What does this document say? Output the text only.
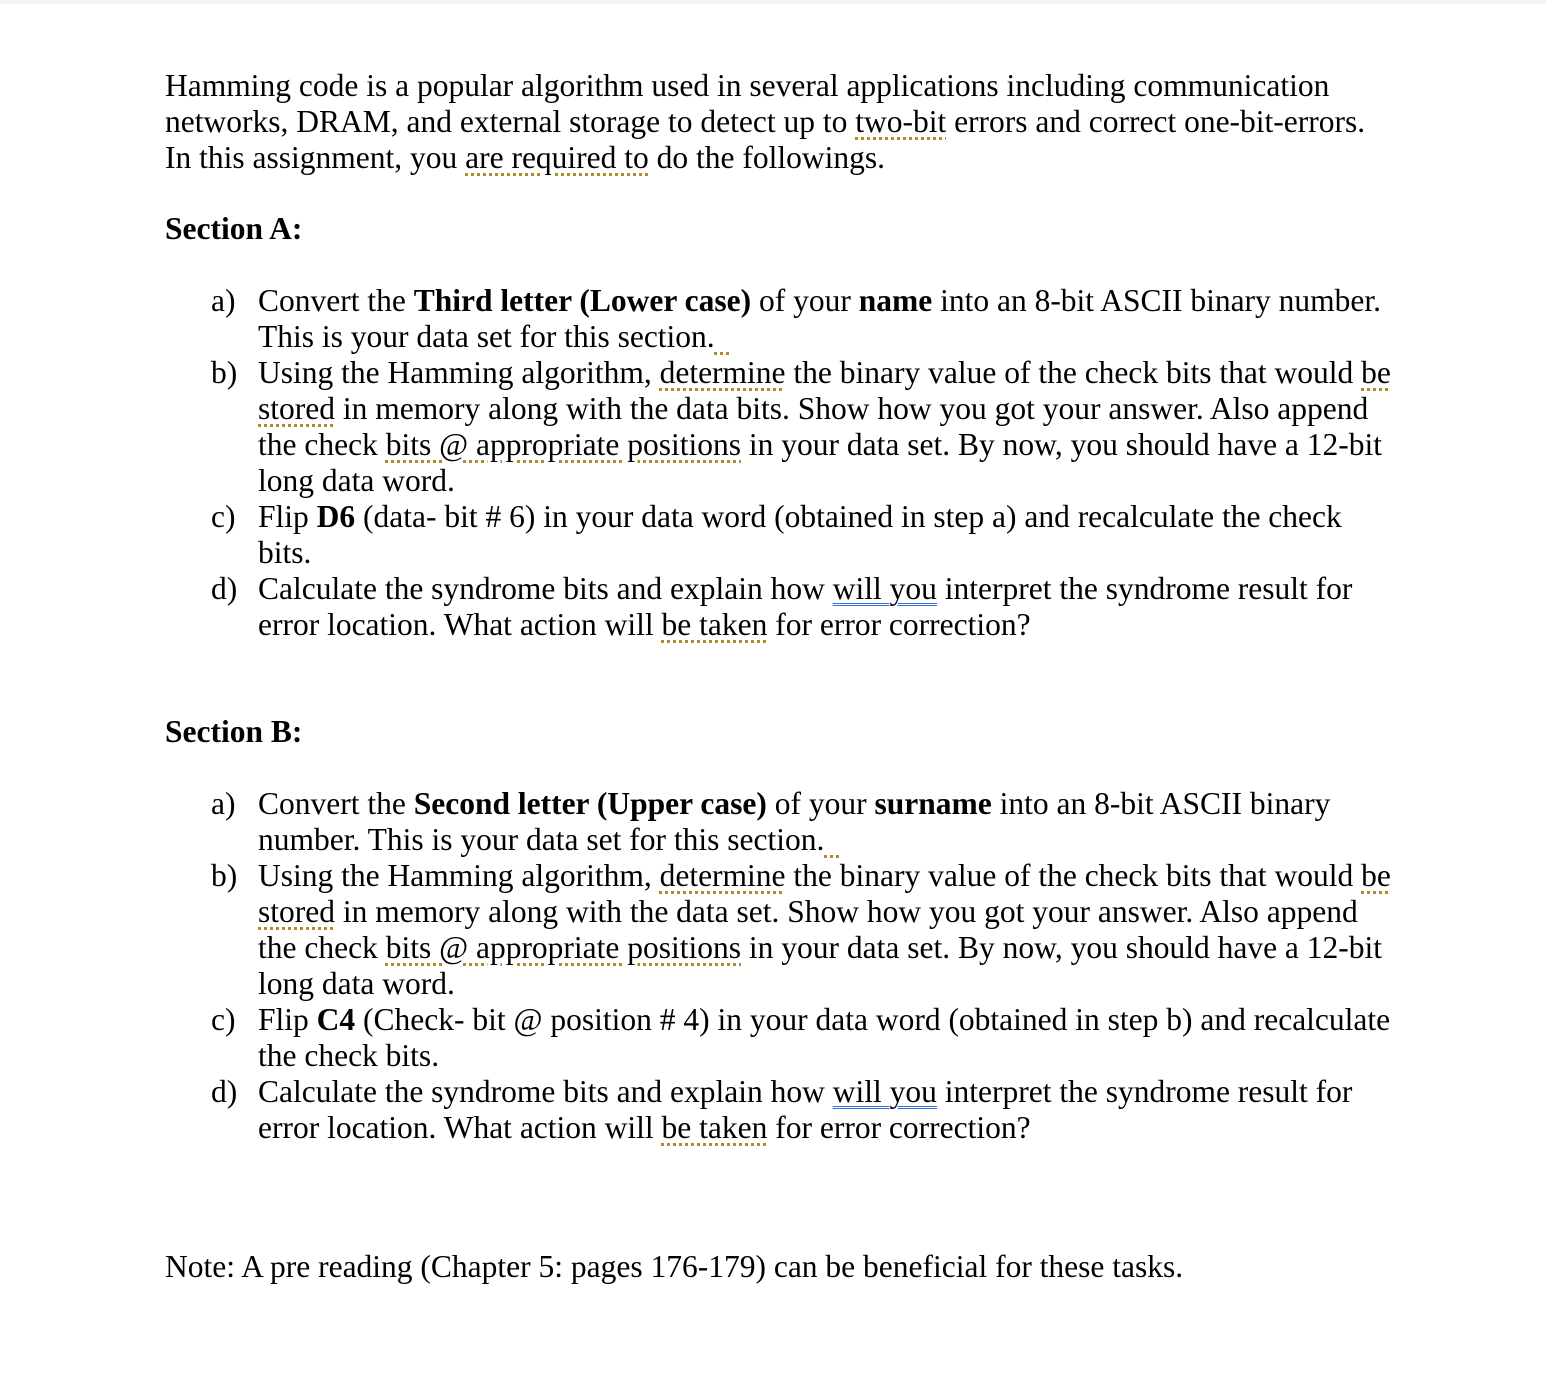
Hamming code is a popular algorithm used in several applications including communication networks, DRAM, and external storage to detect up to two-bit errors and correct one-bit-errors. In this assignment, you are required to do the followings.

Section A:

a) Convert the Third letter (Lower case) of your name into an 8-bit ASCII binary number. This is your data set for this section.
b) Using the Hamming algorithm, determine the binary value of the check bits that would be stored in memory along with the data bits. Show how you got your answer. Also append the check bits @ appropriate positions in your data set. By now, you should have a 12-bit long data word.
c) Flip D6 (data- bit # 6) in your data word (obtained in step a) and recalculate the check bits.
d) Calculate the syndrome bits and explain how will you interpret the syndrome result for error location. What action will be taken for error correction?

Section B:

a) Convert the Second letter (Upper case) of your surname into an 8-bit ASCII binary number. This is your data set for this section.
b) Using the Hamming algorithm, determine the binary value of the check bits that would be stored in memory along with the data set. Show how you got your answer. Also append the check bits @ appropriate positions in your data set. By now, you should have a 12-bit long data word.
c) Flip C4 (Check- bit @ position # 4) in your data word (obtained in step b) and recalculate the check bits.
d) Calculate the syndrome bits and explain how will you interpret the syndrome result for error location. What action will be taken for error correction?

Note: A pre reading (Chapter 5: pages 176-179) can be beneficial for these tasks.
